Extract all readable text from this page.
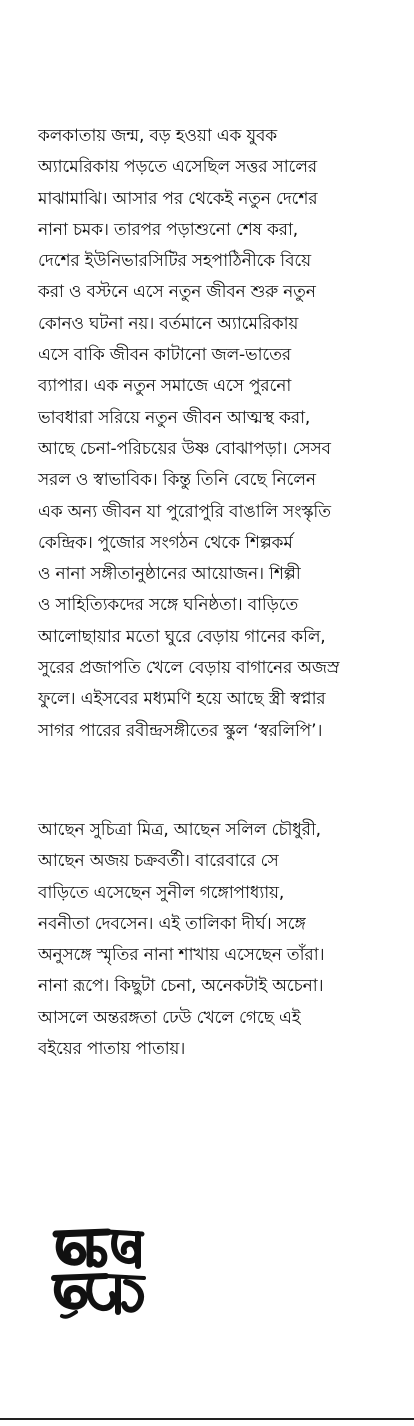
কলকাতায় জন্ম, বড় হওয়া এক যুবক
অ্যামেরিকায় পড়তে এসেছিল সত্তর সালের
মাঝামাঝি। আসার পর থেকেই নতুন দেশের
নানা চমক। তারপর পড়াশুনো শেষ করা,
দেশের ইউনিভারসিটির সহপাঠিনীকে বিয়ে
করা ও বস্টনে এসে নতুন জীবন শুরু নতুন
কোনও ঘটনা নয়। বর্তমানে অ্যামেরিকায়
এসে বাকি জীবন কাটানো জল-ভাতের
ব্যাপার। এক নতুন সমাজে এসে পুরনো
ভাবধারা সরিয়ে নতুন জীবন আত্মস্থ করা,
আছে চেনা-পরিচয়ের উষ্ণ বোঝাপড়া। সেসব
সরল ও স্বাভাবিক। কিন্তু তিনি বেছে নিলেন
এক অন্য জীবন যা পুরোপুরি বাঙালি সংস্কৃতি
কেন্দ্রিক। পুজোর সংগঠন থেকে শিল্পকর্ম
ও নানা সঙ্গীতানুষ্ঠানের আয়োজন। শিল্পী
ও সাহিত্যিকদের সঙ্গে ঘনিষ্ঠতা। বাড়িতে
আলোছায়ার মতো ঘুরে বেড়ায় গানের কলি,
সুরের প্রজাপতি খেলে বেড়ায় বাগানের অজস্র
ফুলে। এইসবের মধ্যমণি হয়ে আছে স্ত্রী স্বপ্নার
সাগর পারের রবীন্দ্রসঙ্গীতের স্কুল ‘স্বরলিপি’।
আছেন সুচিত্রা মিত্র, আছেন সলিল চৌধুরী,
আছেন অজয় চক্রবর্তী। বারেবারে সে
বাড়িতে এসেছেন সুনীল গঙ্গোপাধ্যায়,
নবনীতা দেবসেন। এই তালিকা দীর্ঘ। সঙ্গে
অনুসঙ্গে স্মৃতির নানা শাখায় এসেছেন তাঁরা।
নানা রূপে। কিছুটা চেনা, অনেকটাই অচেনা।
আসলে অন্তরঙ্গতা ঢেউ খেলে গেছে এই
বইয়ের পাতায় পাতায়।
